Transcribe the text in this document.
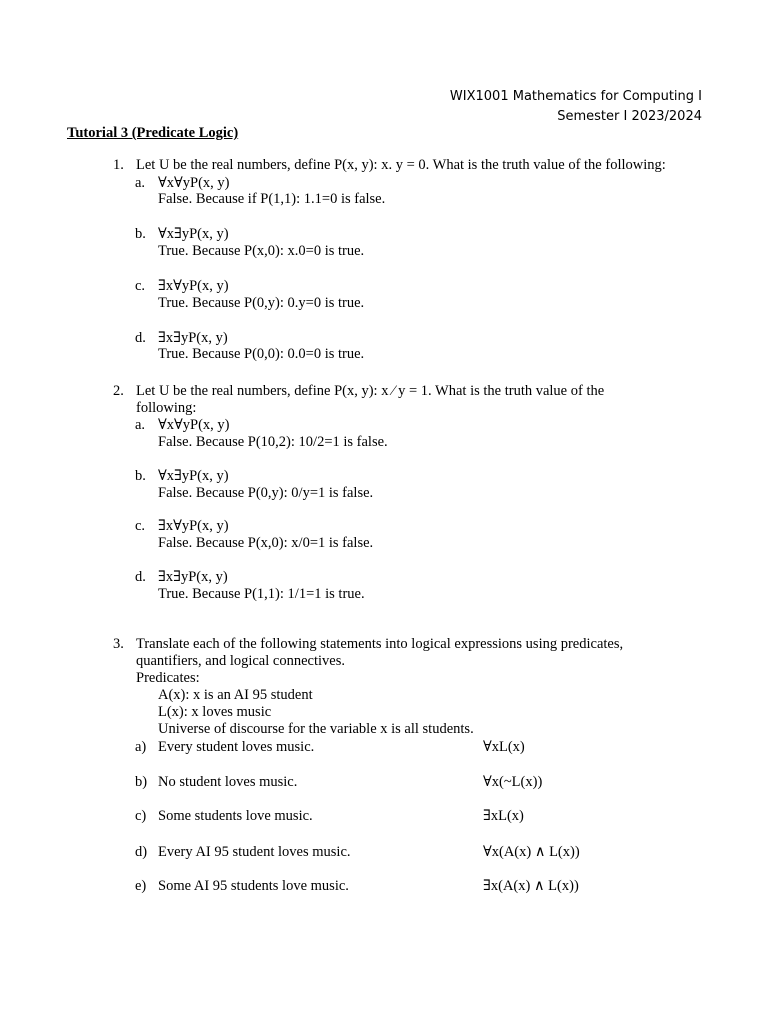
WIX1001 Mathematics for Computing I
Semester I 2023/2024
Tutorial 3 (Predicate Logic)
1. Let U be the real numbers, define P(x, y): x. y = 0. What is the truth value of the following:
a. ∀x∀yP(x, y)
False. Because if P(1,1): 1.1=0 is false.
b. ∀x∃yP(x, y)
True. Because P(x,0): x.0=0 is true.
c. ∃x∀yP(x, y)
True. Because P(0,y): 0.y=0 is true.
d. ∃x∃yP(x, y)
True. Because P(0,0): 0.0=0 is true.
2. Let U be the real numbers, define P(x, y): x ∕ y = 1. What is the truth value of the
following:
a. ∀x∀yP(x, y)
False. Because P(10,2): 10/2=1 is false.
b. ∀x∃yP(x, y)
False. Because P(0,y): 0/y=1 is false.
c. ∃x∀yP(x, y)
False. Because P(x,0): x/0=1 is false.
d. ∃x∃yP(x, y)
True. Because P(1,1): 1/1=1 is true.
3. Translate each of the following statements into logical expressions using predicates,
quantifiers, and logical connectives.
Predicates:
A(x): x is an AI 95 student
L(x): x loves music
Universe of discourse for the variable x is all students.
a) Every student loves music.	∀xL(x)
b) No student loves music.	∀x(~L(x))
c) Some students love music.	∃xL(x)
d) Every AI 95 student loves music.	∀x(A(x) ∧ L(x))
e) Some AI 95 students love music.	∃x(A(x) ∧ L(x))
